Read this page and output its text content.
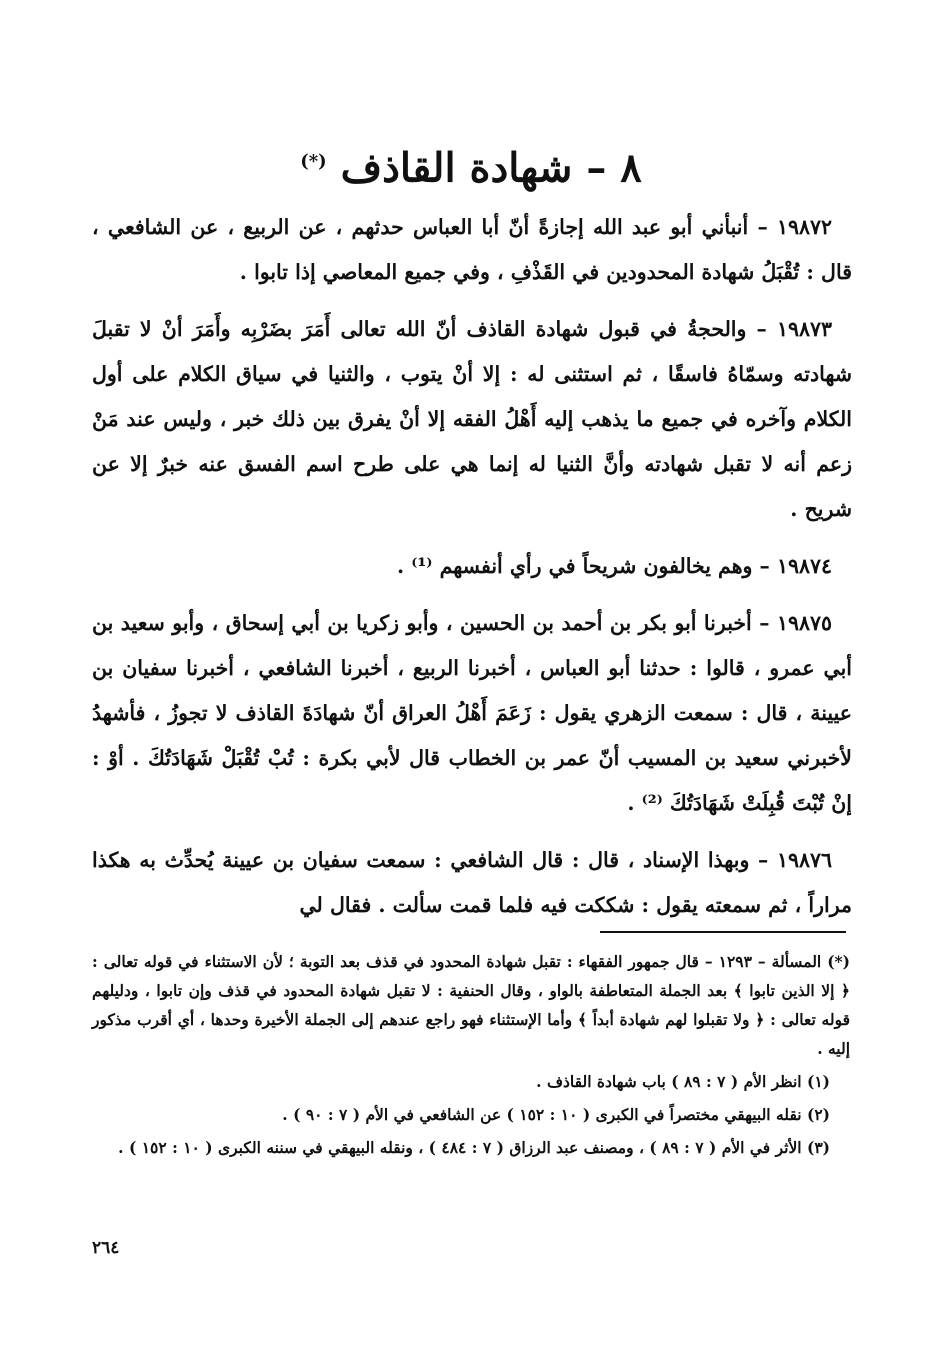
٨ – شهادة القاذف (*)

١٩٨٧٢ – أنبأني أبو عبد الله إجازةً أنّ أبا العباس حدثهم ، عن الربيع ، عن الشافعي ، قال : تُقْبَلُ شهادة المحدودين في القَذْفِ ، وفي جميع المعاصي إذا تابوا .

١٩٨٧٣ – والحجةُ في قبول شهادة القاذف أنّ الله تعالى أَمَرَ بضَرْبِه وأَمَرَ أنْ لا تقبلَ شهادته وسمّاهُ فاسقًا ، ثم استثنى له : إلا أنْ يتوب ، والثنيا في سياق الكلام على أول الكلام وآخره في جميع ما يذهب إليه أَهْلُ الفقه إلا أنْ يفرق بين ذلك خبر ، وليس عند مَنْ زعم أنه لا تقبل شهادته وأنَّ الثنيا له إنما هي على طرح اسم الفسق عنه خبرٌ إلا عن شريح .

١٩٨٧٤ – وهم يخالفون شريحاً في رأي أنفسهم ⁽¹⁾ .

١٩٨٧٥ – أخبرنا أبو بكر بن أحمد بن الحسين ، وأبو زكريا بن أبي إسحاق ، وأبو سعيد بن أبي عمرو ، قالوا : حدثنا أبو العباس ، أخبرنا الربيع ، أخبرنا الشافعي ، أخبرنا سفيان بن عيينة ، قال : سمعت الزهري يقول : زَعَمَ أَهْلُ العراق أنّ شهادَةَ القاذف لا تجوزُ ، فأشهدُ لأخبرني سعيد بن المسيب أنّ عمر بن الخطاب قال لأبي بكرة : تُبْ تُقْبَلْ شَهَادَتُكَ . أوْ : إنْ تُبْتَ قُبِلَتْ شَهَادَتُكَ ⁽²⁾ .

١٩٨٧٦ – وبهذا الإسناد ، قال : قال الشافعي : سمعت سفيان بن عيينة يُحدِّث به هكذا مراراً ، ثم سمعته يقول : شككت فيه فلما قمت سألت . فقال لي

(*) المسألة – ١٢٩٣ – قال جمهور الفقهاء : تقبل شهادة المحدود في قذف بعد التوبة ؛ لأن الاستثناء في قوله تعالى : ﴿ إلا الذين تابوا ﴾ بعد الجملة المتعاطفة بالواو ، وقال الحنفية : لا تقبل شهادة المحدود في قذف وإن تابوا ، ودليلهم قوله تعالى : ﴿ ولا تقبلوا لهم شهادة أبداً ﴾ وأما الإستثناء فهو راجع عندهم إلى الجملة الأخيرة وحدها ، أي أقرب مذكور إليه .

(١) انظر الأم ( ٧ : ٨٩ ) باب شهادة القاذف .

(٢) نقله البيهقي مختصراً في الكبرى ( ١٠ : ١٥٢ ) عن الشافعي في الأم ( ٧ : ٩٠ ) .

(٣) الأثر في الأم ( ٧ : ٨٩ ) ، ومصنف عبد الرزاق ( ٧ : ٤٨٤ ) ، ونقله البيهقي في سننه الكبرى ( ١٠ : ١٥٢ ) .

٢٦٤
